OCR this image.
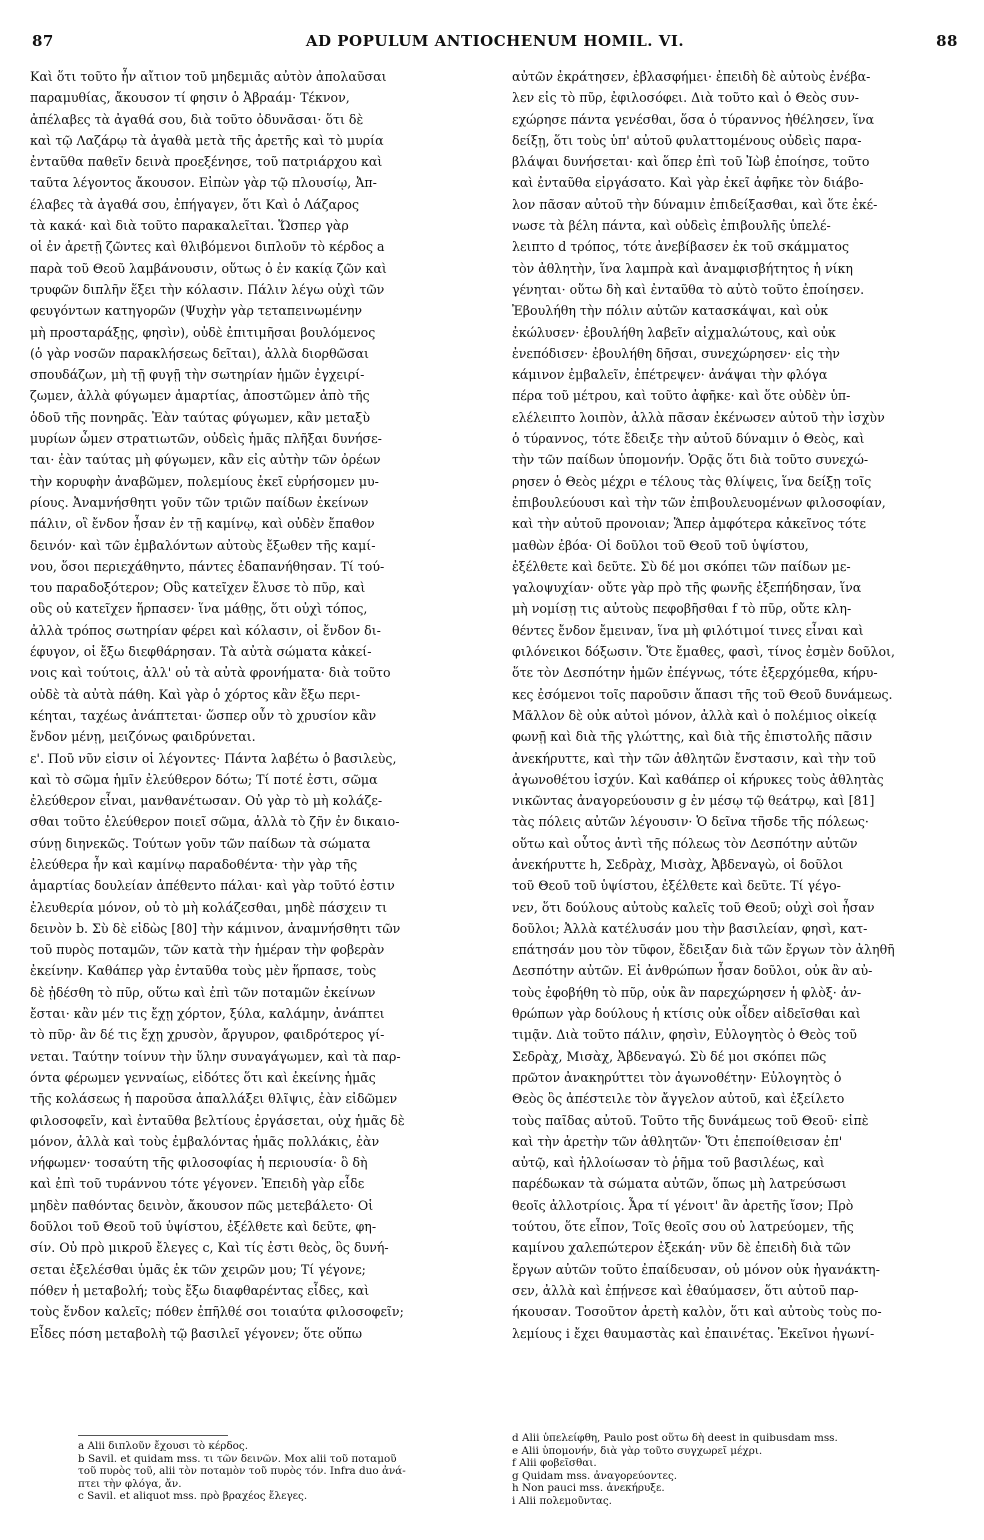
87	AD POPULUM ANTIOCHENUM HOMIL. VI.	88
Καὶ ὅτι τοῦτο ἦν αἴτιον τοῦ μηδεμιᾶς αὐτὸν ἀπολαῦσαι
παραμυθίας, ἄκουσον τί φησιν ὁ Ἀβραάμ· Τέκνον,
ἀπέλαβες τὰ ἀγαθά σου, διὰ τοῦτο ὀδυνᾶσαι· ὅτι δὲ
καὶ τῷ Λαζάρῳ τὰ ἀγαθὰ μετὰ τῆς ἀρετῆς καὶ τὸ μυρία
ἐνταῦθα παθεῖν δεινὰ προεξένησε, τοῦ πατριάρχου καὶ
ταῦτα λέγοντος ἄκουσον. Εἰπὼν γὰρ τῷ πλουσίῳ, Ἀπ-
έλαβες τὰ ἀγαθά σου, ἐπήγαγεν, ὅτι Καὶ ὁ Λάζαρος
τὰ κακά· καὶ διὰ τοῦτο παρακαλεῖται. Ὥσπερ γὰρ
οἱ ἐν ἀρετῇ ζῶντες καὶ θλιβόμενοι διπλοῦν τὸ κέρδος a
παρὰ τοῦ Θεοῦ λαμβάνουσιν, οὕτως ὁ ἐν κακίᾳ ζῶν καὶ
τρυφῶν διπλῆν ἕξει τὴν κόλασιν. Πάλιν λέγω οὐχὶ τῶν
φευγόντων κατηγορῶν (Ψυχὴν γὰρ τεταπεινωμένην
μὴ προσταράξῃς, φησὶν), οὐδὲ ἐπιτιμῆσαι βουλόμενος
(ὁ γὰρ νοσῶν παρακλήσεως δεῖται), ἀλλὰ διορθῶσαι
σπουδάζων, μὴ τῇ φυγῇ τὴν σωτηρίαν ἡμῶν ἐγχειρί-
ζωμεν, ἀλλὰ φύγωμεν ἁμαρτίας, ἀποστῶμεν ἀπὸ τῆς
ὁδοῦ τῆς πονηρᾶς. Ἐὰν ταύτας φύγωμεν, κἂν μεταξὺ
μυρίων ὦμεν στρατιωτῶν, οὐδεὶς ἡμᾶς πλῆξαι δυνήσε-
ται· ἐὰν ταύτας μὴ φύγωμεν, κἂν εἰς αὐτὴν τῶν ὀρέων
τὴν κορυφὴν ἀναβῶμεν, πολεμίους ἐκεῖ εὑρήσομεν μυ-
ρίους. Ἀναμνήσθητι γοῦν τῶν τριῶν παίδων ἐκείνων
πάλιν, οἳ ἔνδον ἦσαν ἐν τῇ καμίνῳ, καὶ οὐδὲν ἔπαθον
δεινόν· καὶ τῶν ἐμβαλόντων αὐτοὺς ἔξωθεν τῆς καμί-
νου, ὅσοι περιεχάθηντο, πάντες ἐδαπανήθησαν. Τί τού-
του παραδοξότερον; Οὓς κατεῖχεν ἔλυσε τὸ πῦρ, καὶ
οὓς οὐ κατεῖχεν ἥρπασεν· ἵνα μάθῃς, ὅτι οὐχὶ τόπος,
ἀλλὰ τρόπος σωτηρίαν φέρει καὶ κόλασιν, οἱ ἔνδον δι-
έφυγον, οἱ ἔξω διεφθάρησαν. Τὰ αὐτὰ σώματα κἀκεί-
νοις καὶ τούτοις, ἀλλ' οὐ τὰ αὐτὰ φρονήματα· διὰ τοῦτο
οὐδὲ τὰ αὐτὰ πάθη. Καὶ γὰρ ὁ χόρτος κἂν ἔξω περι-
κέηται, ταχέως ἀνάπτεται· ὥσπερ οὖν τὸ χρυσίον κἂν
ἔνδον μένῃ, μειζόνως φαιδρύνεται.
ε'. Ποῦ νῦν εἰσιν οἱ λέγοντες· Πάντα λαβέτω ὁ βασιλεὺς,
καὶ τὸ σῶμα ἡμῖν ἐλεύθερον δότω; Τί ποτέ ἐστι, σῶμα
ἐλεύθερον εἶναι, μανθανέτωσαν. Οὐ γὰρ τὸ μὴ κολάζε-
σθαι τοῦτο ἐλεύθερον ποιεῖ σῶμα, ἀλλὰ τὸ ζῆν ἐν δικαιο-
σύνῃ διηνεκῶς. Τούτων γοῦν τῶν παίδων τὰ σώματα
ἐλεύθερα ἦν καὶ καμίνῳ παραδοθέντα· τὴν γὰρ τῆς
ἁμαρτίας δουλείαν ἀπέθεντο πάλαι· καὶ γὰρ τοῦτό ἐστιν
ἐλευθερία μόνον, οὐ τὸ μὴ κολάζεσθαι, μηδὲ πάσχειν τι
δεινὸν b. Σὺ δὲ εἰδὼς [80] τὴν κάμινον, ἀναμνήσθητι τῶν
τοῦ πυρὸς ποταμῶν, τῶν κατὰ τὴν ἡμέραν τὴν φοβερὰν
ἐκείνην. Καθάπερ γὰρ ἐνταῦθα τοὺς μὲν ἥρπασε, τοὺς
δὲ ᾐδέσθη τὸ πῦρ, οὕτω καὶ ἐπὶ τῶν ποταμῶν ἐκείνων
ἔσται· κἂν μέν τις ἔχῃ χόρτον, ξύλα, καλάμην, ἀνάπτει
τὸ πῦρ· ἂν δέ τις ἔχῃ χρυσὸν, ἄργυρον, φαιδρότερος γί-
νεται. Ταύτην τοίνυν τὴν ὕλην συναγάγωμεν, καὶ τὰ παρ-
όντα φέρωμεν γενναίως, εἰδότες ὅτι καὶ ἐκείνης ἡμᾶς
τῆς κολάσεως ἡ παροῦσα ἀπαλλάξει θλῖψις, ἐὰν εἰδῶμεν
φιλοσοφεῖν, καὶ ἐνταῦθα βελτίους ἐργάσεται, οὐχ ἡμᾶς δὲ
μόνον, ἀλλὰ καὶ τοὺς ἐμβαλόντας ἡμᾶς πολλάκις, ἐὰν
νήφωμεν· τοσαύτη τῆς φιλοσοφίας ἡ περιουσία· ὃ δὴ
καὶ ἐπὶ τοῦ τυράννου τότε γέγονεν. Ἐπειδὴ γὰρ εἶδε
μηδὲν παθόντας δεινὸν, ἄκουσον πῶς μετεβάλετο· Οἱ
δοῦλοι τοῦ Θεοῦ τοῦ ὑψίστου, ἐξέλθετε καὶ δεῦτε, φη-
σίν. Οὐ πρὸ μικροῦ ἔλεγες c, Καὶ τίς ἐστι θεὸς, ὃς δυνή-
σεται ἐξελέσθαι ὑμᾶς ἐκ τῶν χειρῶν μου; Τί γέγονε;
πόθεν ἡ μεταβολή; τοὺς ἔξω διαφθαρέντας εἶδες, καὶ
τοὺς ἔνδον καλεῖς; πόθεν ἐπῆλθέ σοι τοιαύτα φιλοσοφεῖν;
Εἶδες πόση μεταβολὴ τῷ βασιλεῖ γέγονεν; ὅτε οὕπω
αὐτῶν ἐκράτησεν, ἐβλασφήμει· ἐπειδὴ δὲ αὐτοὺς ἐνέβα-
λεν εἰς τὸ πῦρ, ἐφιλοσόφει. Διὰ τοῦτο καὶ ὁ Θεὸς συν-
εχώρησε πάντα γενέσθαι, ὅσα ὁ τύραννος ἠθέλησεν, ἵνα
δείξῃ, ὅτι τοὺς ὑπ' αὐτοῦ φυλαττομένους οὐδεὶς παρα-
βλάψαι δυνήσεται· καὶ ὅπερ ἐπὶ τοῦ Ἰὼβ ἐποίησε, τοῦτο
καὶ ἐνταῦθα εἰργάσατο. Καὶ γὰρ ἐκεῖ ἀφῆκε τὸν διάβο-
λον πᾶσαν αὐτοῦ τὴν δύναμιν ἐπιδείξασθαι, καὶ ὅτε ἐκέ-
νωσε τὰ βέλη πάντα, καὶ οὐδεὶς ἐπιβουλῆς ὑπελέ-
λειπτο d τρόπος, τότε ἀνεβίβασεν ἐκ τοῦ σκάμματος
τὸν ἀθλητὴν, ἵνα λαμπρὰ καὶ ἀναμφισβήτητος ἡ νίκη
γένηται· οὕτω δὴ καὶ ἐνταῦθα τὸ αὐτὸ τοῦτο ἐποίησεν.
Ἐβουλήθη τὴν πόλιν αὐτῶν κατασκάψαι, καὶ οὐκ
ἐκώλυσεν· ἐβουλήθη λαβεῖν αἰχμαλώτους, καὶ οὐκ
ἐνεπόδισεν· ἐβουλήθη δῆσαι, συνεχώρησεν· εἰς τὴν
κάμινον ἐμβαλεῖν, ἐπέτρεψεν· ἀνάψαι τὴν φλόγα
πέρα τοῦ μέτρου, καὶ τοῦτο ἀφῆκε· καὶ ὅτε οὐδὲν ὑπ-
ελέλειπτο λοιπὸν, ἀλλὰ πᾶσαν ἐκένωσεν αὐτοῦ τὴν ἰσχὺν
ὁ τύραννος, τότε ἔδειξε τὴν αὐτοῦ δύναμιν ὁ Θεὸς, καὶ
τὴν τῶν παίδων ὑπομονήν. Ὁρᾷς ὅτι διὰ τοῦτο συνεχώ-
ρησεν ὁ Θεὸς μέχρι e τέλους τὰς θλίψεις, ἵνα δείξῃ τοῖς
ἐπιβουλεύουσι καὶ τὴν τῶν ἐπιβουλευομένων φιλοσοφίαν,
καὶ τὴν αὐτοῦ προνοιαν; Ἅπερ ἀμφότερα κἀκεῖνος τότε
μαθὼν ἐβόα· Οἱ δοῦλοι τοῦ Θεοῦ τοῦ ὑψίστου,
ἐξέλθετε καὶ δεῦτε. Σὺ δέ μοι σκόπει τῶν παίδων με-
γαλοψυχίαν· οὔτε γὰρ πρὸ τῆς φωνῆς ἐξεπήδησαν, ἵνα
μὴ νομίσῃ τις αὐτοὺς πεφοβῆσθαι f τὸ πῦρ, οὔτε κλη-
θέντες ἔνδον ἔμειναν, ἵνα μὴ φιλότιμοί τινες εἶναι καὶ
φιλόνεικοι δόξωσιν. Ὅτε ἔμαθες, φασὶ, τίνος ἐσμὲν δοῦλοι,
ὅτε τὸν Δεσπότην ἡμῶν ἐπέγνως, τότε ἐξερχόμεθα, κήρυ-
κες ἐσόμενοι τοῖς παροῦσιν ἅπασι τῆς τοῦ Θεοῦ δυνάμεως.
Μᾶλλον δὲ οὐκ αὐτοὶ μόνον, ἀλλὰ καὶ ὁ πολέμιος οἰκείᾳ
φωνῇ καὶ διὰ τῆς γλώττης, καὶ διὰ τῆς ἐπιστολῆς πᾶσιν
ἀνεκήρυττε, καὶ τὴν τῶν ἀθλητῶν ἔνστασιν, καὶ τὴν τοῦ
ἀγωνοθέτου ἰσχύν. Καὶ καθάπερ οἱ κήρυκες τοὺς ἀθλητὰς
νικῶντας ἀναγορεύουσιν g ἐν μέσῳ τῷ θεάτρῳ, καὶ [81]
τὰς πόλεις αὐτῶν λέγουσιν· Ὁ δεῖνα τῆσδε τῆς πόλεως·
οὕτω καὶ οὗτος ἀντὶ τῆς πόλεως τὸν Δεσπότην αὐτῶν
ἀνεκήρυττε h, Σεδρὰχ, Μισὰχ, Ἀβδεναγὼ, οἱ δοῦλοι
τοῦ Θεοῦ τοῦ ὑψίστου, ἐξέλθετε καὶ δεῦτε. Τί γέγο-
νεν, ὅτι δούλους αὐτοὺς καλεῖς τοῦ Θεοῦ; οὐχὶ σοὶ ἦσαν
δοῦλοι; Ἀλλὰ κατέλυσάν μου τὴν βασιλείαν, φησὶ, κατ-
επάτησάν μου τὸν τῦφον, ἔδειξαν διὰ τῶν ἔργων τὸν ἀληθῆ
Δεσπότην αὐτῶν. Εἰ ἀνθρώπων ἦσαν δοῦλοι, οὐκ ἂν αὐ-
τοὺς ἐφοβήθη τὸ πῦρ, οὐκ ἂν παρεχώρησεν ἡ φλὸξ· ἀν-
θρώπων γὰρ δούλους ἡ κτίσις οὐκ οἶδεν αἰδεῖσθαι καὶ
τιμᾷν. Διὰ τοῦτο πάλιν, φησὶν, Εὐλογητὸς ὁ Θεὸς τοῦ
Σεδρὰχ, Μισὰχ, Ἀβδεναγώ. Σὺ δέ μοι σκόπει πῶς
πρῶτον ἀνακηρύττει τὸν ἀγωνοθέτην· Εὐλογητὸς ὁ
Θεὸς ὃς ἀπέστειλε τὸν ἄγγελον αὐτοῦ, καὶ ἐξείλετο
τοὺς παῖδας αὐτοῦ. Τοῦτο τῆς δυνάμεως τοῦ Θεοῦ· εἰπὲ
καὶ τὴν ἀρετὴν τῶν ἀθλητῶν· Ὅτι ἐπεποίθεισαν ἐπ'
αὐτῷ, καὶ ἠλλοίωσαν τὸ ῥῆμα τοῦ βασιλέως, καὶ
παρέδωκαν τὰ σώματα αὐτῶν, ὅπως μὴ λατρεύσωσι
θεοῖς ἀλλοτρίοις. Ἆρα τί γένοιτ' ἂν ἀρετῆς ἴσον; Πρὸ
τούτου, ὅτε εἶπον, Τοῖς θεοῖς σου οὐ λατρεύομεν, τῆς
καμίνου χαλεπώτερον ἐξεκάη· νῦν δὲ ἐπειδὴ διὰ τῶν
ἔργων αὐτῶν τοῦτο ἐπαίδευσαν, οὐ μόνον οὐκ ἠγανάκτη-
σεν, ἀλλὰ καὶ ἐπῄνεσε καὶ ἐθαύμασεν, ὅτι αὐτοῦ παρ-
ήκουσαν. Τοσοῦτον ἀρετὴ καλὸν, ὅτι καὶ αὐτοὺς τοὺς πο-
λεμίους i ἔχει θαυμαστὰς καὶ ἐπαινέτας. Ἐκεῖνοι ἠγωνί-
a Alii διπλοῦν ἔχουσι τὸ κέρδος.
b Savil. et quidam mss. τι τῶν δεινῶν. Mox alii τοῦ ποταμοῦ
τοῦ πυρὸς τοῦ, alii τὸν ποταμὸν τοῦ πυρὸς τόν. Infra duo ἀνά-
πτει τὴν φλόγα, ἄν.
c Savil. et aliquot mss. πρὸ βραχέος ἔλεγες.
d Alii ὑπελείφθη, Paulo post οὕτω δὴ deest in quibusdam mss.
e Alii ὑπομονήν, διὰ γὰρ τοῦτο συγχωρεῖ μέχρι.
f Alii φοβεῖσθαι.
g Quidam mss. ἀναγορεύοντες.
h Non pauci mss. ἀνεκήρυξε.
i Alii πολεμοῦντας.
